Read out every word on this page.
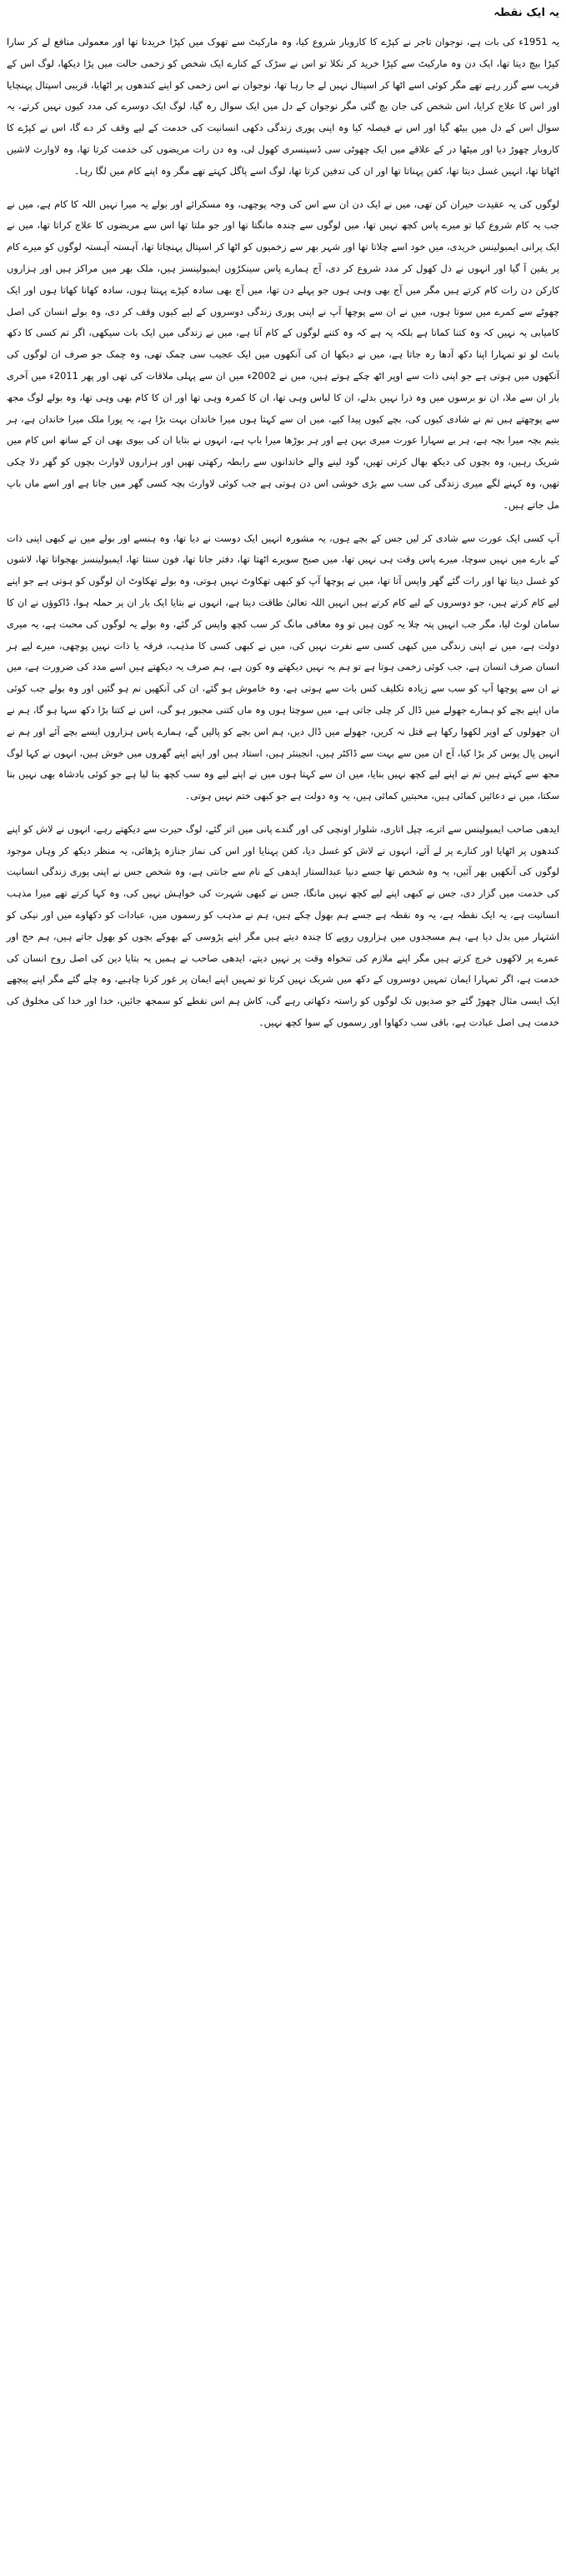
یہ ایک نقطہ

یہ 1951ء کی بات ہے، نوجوان تاجر نے کپڑے کا کاروبار شروع کیا، وہ مارکیٹ سے تھوک میں کپڑا خریدتا تھا اور معمولی منافع لے کر سارا کپڑا بیچ دیتا تھا، ایک دن وہ مارکیٹ سے کپڑا خرید کر نکلا تو اس نے سڑک کے کنارے ایک شخص کو زخمی حالت میں پڑا دیکھا، لوگ اس کے قریب سے گزر رہے تھے مگر کوئی اسے اٹھا کر اسپتال نہیں لے جا رہا تھا، نوجوان نے اس زخمی کو اپنے کندھوں پر اٹھایا، قریبی اسپتال پہنچایا اور اس کا علاج کرایا، اس شخص کی جان بچ گئی مگر نوجوان کے دل میں ایک سوال رہ گیا، لوگ ایک دوسرے کی مدد کیوں نہیں کرتے، یہ سوال اس کے دل میں بیٹھ گیا اور اس نے فیصلہ کیا وہ اپنی پوری زندگی دکھی انسانیت کی خدمت کے لیے وقف کر دے گا، اس نے کپڑے کا کاروبار چھوڑ دیا اور میٹھا در کے علاقے میں ایک چھوٹی سی ڈسپنسری کھول لی، وہ دن رات مریضوں کی خدمت کرتا تھا، وہ لاوارث لاشیں اٹھاتا تھا، انہیں غسل دیتا تھا، کفن پہناتا تھا اور ان کی تدفین کرتا تھا، لوگ اسے پاگل کہتے تھے مگر وہ اپنے کام میں لگا رہا۔

لوگوں کی یہ عقیدت حیران کن تھی، میں نے ایک دن ان سے اس کی وجہ پوچھی، وہ مسکرائے اور بولے یہ میرا نہیں اللہ کا کام ہے، میں نے جب یہ کام شروع کیا تو میرے پاس کچھ نہیں تھا، میں لوگوں سے چندہ مانگتا تھا اور جو ملتا تھا اس سے مریضوں کا علاج کراتا تھا، میں نے ایک پرانی ایمبولینس خریدی، میں خود اسے چلاتا تھا اور شہر بھر سے زخمیوں کو اٹھا کر اسپتال پہنچاتا تھا، آہستہ آہستہ لوگوں کو میرے کام پر یقین آ گیا اور انہوں نے دل کھول کر مدد شروع کر دی، آج ہمارے پاس سینکڑوں ایمبولینسز ہیں، ملک بھر میں مراکز ہیں اور ہزاروں کارکن دن رات کام کرتے ہیں مگر میں آج بھی وہی ہوں جو پہلے دن تھا، میں آج بھی سادہ کپڑے پہنتا ہوں، سادہ کھانا کھاتا ہوں اور ایک چھوٹے سے کمرے میں سوتا ہوں، میں نے ان سے پوچھا آپ نے اپنی پوری زندگی دوسروں کے لیے کیوں وقف کر دی، وہ بولے انسان کی اصل کامیابی یہ نہیں کہ وہ کتنا کماتا ہے بلکہ یہ ہے کہ وہ کتنے لوگوں کے کام آتا ہے، میں نے زندگی میں ایک بات سیکھی، اگر تم کسی کا دکھ بانٹ لو تو تمہارا اپنا دکھ آدھا رہ جاتا ہے، میں نے دیکھا ان کی آنکھوں میں ایک عجیب سی چمک تھی، وہ چمک جو صرف ان لوگوں کی آنکھوں میں ہوتی ہے جو اپنی ذات سے اوپر اٹھ چکے ہوتے ہیں، میں نے 2002ء میں ان سے پہلی ملاقات کی تھی اور پھر 2011ء میں آخری بار ان سے ملا، ان نو برسوں میں وہ ذرا نہیں بدلے، ان کا لباس وہی تھا، ان کا کمرہ وہی تھا اور ان کا کام بھی وہی تھا، وہ بولے لوگ مجھ سے پوچھتے ہیں تم نے شادی کیوں کی، بچے کیوں پیدا کیے، میں ان سے کہتا ہوں میرا خاندان بہت بڑا ہے، یہ پورا ملک میرا خاندان ہے، ہر یتیم بچہ میرا بچہ ہے، ہر بے سہارا عورت میری بہن ہے اور ہر بوڑھا میرا باپ ہے، انہوں نے بتایا ان کی بیوی بھی ان کے ساتھ اس کام میں شریک رہیں، وہ بچوں کی دیکھ بھال کرتی تھیں، گود لینے والے خاندانوں سے رابطہ رکھتی تھیں اور ہزاروں لاوارث بچوں کو گھر دلا چکی تھیں، وہ کہنے لگے میری زندگی کی سب سے بڑی خوشی اس دن ہوتی ہے جب کوئی لاوارث بچہ کسی گھر میں جاتا ہے اور اسے ماں باپ مل جاتے ہیں۔

آپ کسی ایک عورت سے شادی کر لیں جس کے بچے ہوں، یہ مشورہ انہیں ایک دوست نے دیا تھا، وہ ہنسے اور بولے میں نے کبھی اپنی ذات کے بارے میں نہیں سوچا، میرے پاس وقت ہی نہیں تھا، میں صبح سویرے اٹھتا تھا، دفتر جاتا تھا، فون سنتا تھا، ایمبولینسز بھجواتا تھا، لاشوں کو غسل دیتا تھا اور رات گئے گھر واپس آتا تھا، میں نے پوچھا آپ کو کبھی تھکاوٹ نہیں ہوتی، وہ بولے تھکاوٹ ان لوگوں کو ہوتی ہے جو اپنے لیے کام کرتے ہیں، جو دوسروں کے لیے کام کرتے ہیں انہیں اللہ تعالیٰ طاقت دیتا ہے، انہوں نے بتایا ایک بار ان پر حملہ ہوا، ڈاکوؤں نے ان کا سامان لوٹ لیا، مگر جب انہیں پتہ چلا یہ کون ہیں تو وہ معافی مانگ کر سب کچھ واپس کر گئے، وہ بولے یہ لوگوں کی محبت ہے، یہ میری دولت ہے، میں نے اپنی زندگی میں کبھی کسی سے نفرت نہیں کی، میں نے کبھی کسی کا مذہب، فرقہ یا ذات نہیں پوچھی، میرے لیے ہر انسان صرف انسان ہے، جب کوئی زخمی ہوتا ہے تو ہم یہ نہیں دیکھتے وہ کون ہے، ہم صرف یہ دیکھتے ہیں اسے مدد کی ضرورت ہے، میں نے ان سے پوچھا آپ کو سب سے زیادہ تکلیف کس بات سے ہوتی ہے، وہ خاموش ہو گئے، ان کی آنکھیں نم ہو گئیں اور وہ بولے جب کوئی ماں اپنے بچے کو ہمارے جھولے میں ڈال کر چلی جاتی ہے، میں سوچتا ہوں وہ ماں کتنی مجبور ہو گی، اس نے کتنا بڑا دکھ سہا ہو گا، ہم نے ان جھولوں کے اوپر لکھوا رکھا ہے قتل نہ کریں، جھولے میں ڈال دیں، ہم اس بچے کو پالیں گے، ہمارے پاس ہزاروں ایسے بچے آئے اور ہم نے انہیں پال پوس کر بڑا کیا، آج ان میں سے بہت سے ڈاکٹر ہیں، انجینئر ہیں، استاد ہیں اور اپنے اپنے گھروں میں خوش ہیں، انہوں نے کہا لوگ مجھ سے کہتے ہیں تم نے اپنے لیے کچھ نہیں بنایا، میں ان سے کہتا ہوں میں نے اپنے لیے وہ سب کچھ بنا لیا ہے جو کوئی بادشاہ بھی نہیں بنا سکتا، میں نے دعائیں کمائی ہیں، محبتیں کمائی ہیں، یہ وہ دولت ہے جو کبھی ختم نہیں ہوتی۔

ایدھی صاحب ایمبولینس سے اترے، چپل اتاری، شلوار اونچی کی اور گندے پانی میں اتر گئے، لوگ حیرت سے دیکھتے رہے، انہوں نے لاش کو اپنے کندھوں پر اٹھایا اور کنارے پر لے آئے، انہوں نے لاش کو غسل دیا، کفن پہنایا اور اس کی نماز جنازہ پڑھائی، یہ منظر دیکھ کر وہاں موجود لوگوں کی آنکھیں بھر آئیں، یہ وہ شخص تھا جسے دنیا عبدالستار ایدھی کے نام سے جانتی ہے، وہ شخص جس نے اپنی پوری زندگی انسانیت کی خدمت میں گزار دی، جس نے کبھی اپنے لیے کچھ نہیں مانگا، جس نے کبھی شہرت کی خواہش نہیں کی، وہ کہا کرتے تھے میرا مذہب انسانیت ہے، یہ ایک نقطہ ہے، یہ وہ نقطہ ہے جسے ہم بھول چکے ہیں، ہم نے مذہب کو رسموں میں، عبادات کو دکھاوے میں اور نیکی کو اشتہار میں بدل دیا ہے، ہم مسجدوں میں ہزاروں روپے کا چندہ دیتے ہیں مگر اپنے پڑوسی کے بھوکے بچوں کو بھول جاتے ہیں، ہم حج اور عمرے پر لاکھوں خرچ کرتے ہیں مگر اپنے ملازم کی تنخواہ وقت پر نہیں دیتے، ایدھی صاحب نے ہمیں یہ بتایا دین کی اصل روح انسان کی خدمت ہے، اگر تمہارا ایمان تمہیں دوسروں کے دکھ میں شریک نہیں کرتا تو تمہیں اپنے ایمان پر غور کرنا چاہیے، وہ چلے گئے مگر اپنے پیچھے ایک ایسی مثال چھوڑ گئے جو صدیوں تک لوگوں کو راستہ دکھاتی رہے گی، کاش ہم اس نقطے کو سمجھ جائیں، خدا اور خدا کی مخلوق کی خدمت ہی اصل عبادت ہے، باقی سب دکھاوا اور رسموں کے سوا کچھ نہیں۔
